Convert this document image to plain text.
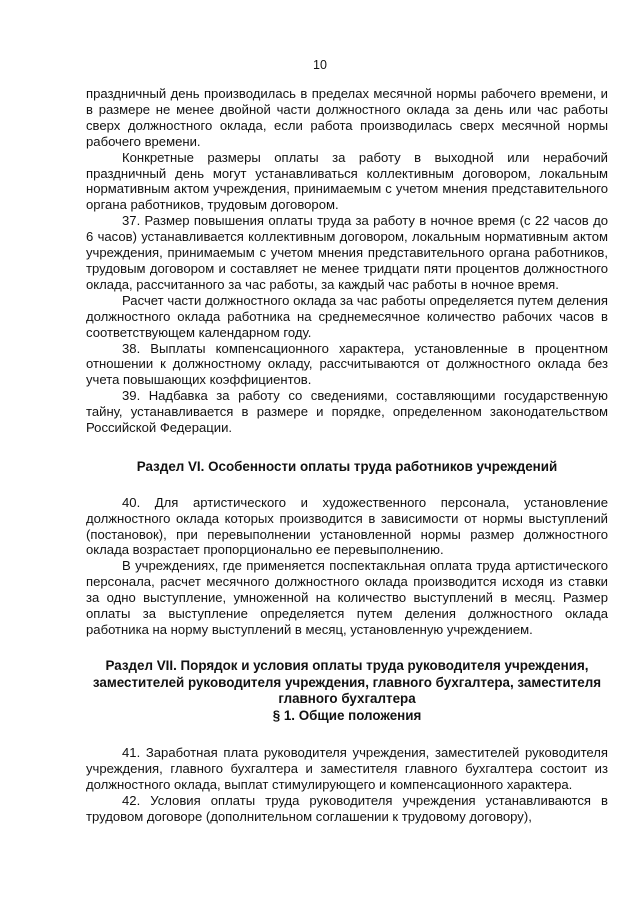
10

праздничный день производилась в пределах месячной нормы рабочего времени, и в размере не менее двойной части должностного оклада за день или час работы сверх должностного оклада, если работа производилась сверх месячной нормы рабочего времени.

Конкретные размеры оплаты за работу в выходной или нерабочий праздничный день могут устанавливаться коллективным договором, локальным нормативным актом учреждения, принимаемым с учетом мнения представительного органа работников, трудовым договором.

37. Размер повышения оплаты труда за работу в ночное время (с 22 часов до 6 часов) устанавливается коллективным договором, локальным нормативным актом учреждения, принимаемым с учетом мнения представительного органа работников, трудовым договором и составляет не менее тридцати пяти процентов должностного оклада, рассчитанного за час работы, за каждый час работы в ночное время.

Расчет части должностного оклада за час работы определяется путем деления должностного оклада работника на среднемесячное количество рабочих часов в соответствующем календарном году.

38. Выплаты компенсационного характера, установленные в процентном отношении к должностному окладу, рассчитываются от должностного оклада без учета повышающих коэффициентов.

39. Надбавка за работу со сведениями, составляющими государственную тайну, устанавливается в размере и порядке, определенном законодательством Российской Федерации.

Раздел VI. Особенности оплаты труда работников учреждений

40. Для артистического и художественного персонала, установление должностного оклада которых производится в зависимости от нормы выступлений (постановок), при перевыполнении установленной нормы размер должностного оклада возрастает пропорционально ее перевыполнению.

В учреждениях, где применяется поспектакльная оплата труда артистического персонала, расчет месячного должностного оклада производится исходя из ставки за одно выступление, умноженной на количество выступлений в месяц. Размер оплаты за выступление определяется путем деления должностного оклада работника на норму выступлений в месяц, установленную учреждением.

Раздел VII. Порядок и условия оплаты труда руководителя учреждения, заместителей руководителя учреждения, главного бухгалтера, заместителя главного бухгалтера

§ 1. Общие положения

41. Заработная плата руководителя учреждения, заместителей руководителя учреждения, главного бухгалтера и заместителя главного бухгалтера состоит из должностного оклада, выплат стимулирующего и компенсационного характера.

42. Условия оплаты труда руководителя учреждения устанавливаются в трудовом договоре (дополнительном соглашении к трудовому договору),
